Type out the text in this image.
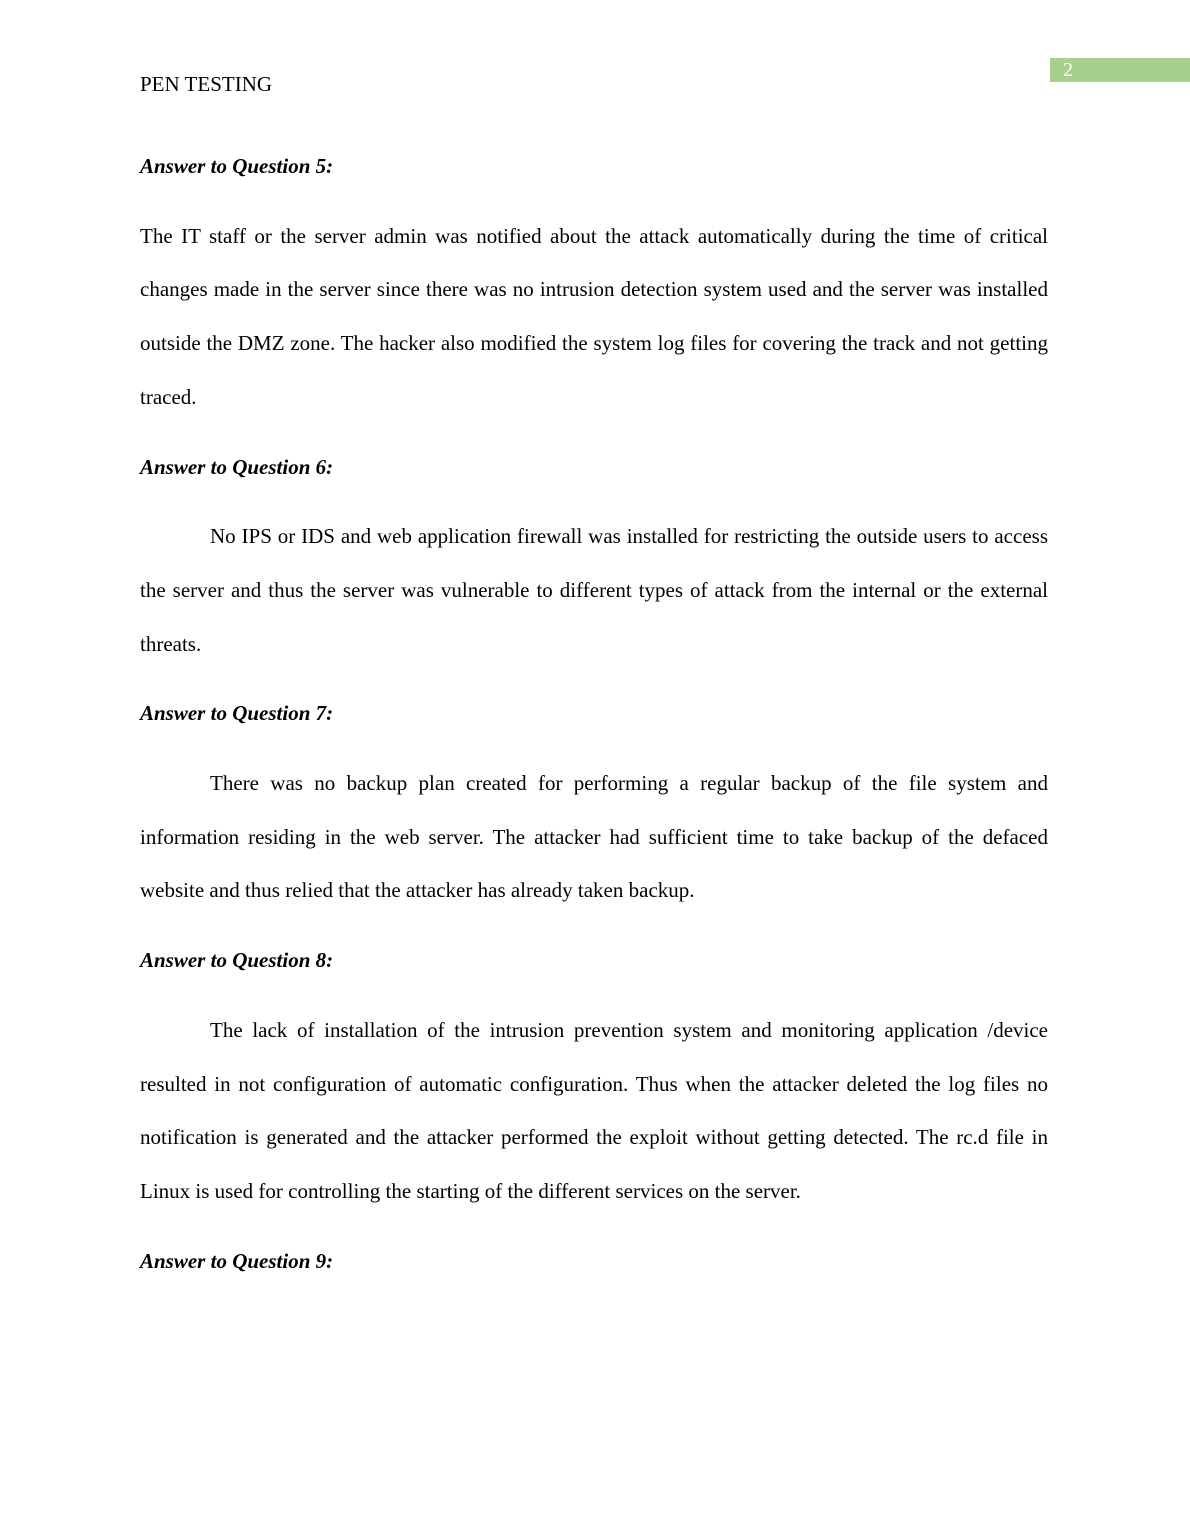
2
PEN TESTING
Answer to Question 5:
The IT staff or the server admin was notified about the attack automatically during the time of critical changes made in the server since there was no intrusion detection system used and the server was installed outside the DMZ zone. The hacker also modified the system log files for covering the track and not getting traced.
Answer to Question 6:
No IPS or IDS and web application firewall was installed for restricting the outside users to access the server and thus the server was vulnerable to different types of attack from the internal or the external threats.
Answer to Question 7:
There was no backup plan created for performing a regular backup of the file system and information residing in the web server. The attacker had sufficient time to take backup of the defaced website and thus relied that the attacker has already taken backup.
Answer to Question 8:
The lack of installation of the intrusion prevention system and monitoring application /device resulted in not configuration of automatic configuration. Thus when the attacker deleted the log files no notification is generated and the attacker performed the exploit without getting detected. The rc.d file in Linux is used for controlling the starting of the different services on the server.
Answer to Question 9:
